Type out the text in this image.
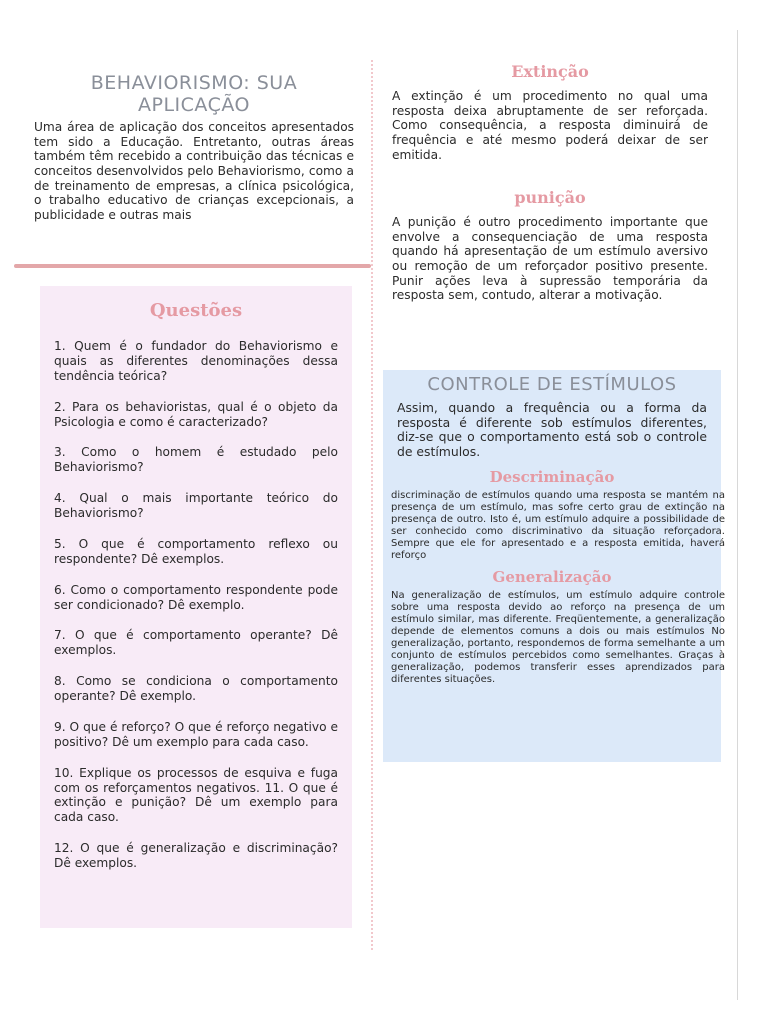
BEHAVIORISMO: SUA APLICAÇÃO

Uma área de aplicação dos conceitos apresentados tem sido a Educação. Entretanto, outras áreas também têm recebido a contribuição das técnicas e conceitos desenvolvidos pelo Behaviorismo, como a de treinamento de empresas, a clínica psicológica, o trabalho educativo de crianças excepcionais, a publicidade e outras mais

Questões
1. Quem é o fundador do Behaviorismo e quais as diferentes denominações dessa tendência teórica?
2. Para os behavioristas, qual é o objeto da Psicologia e como é caracterizado?
3. Como o homem é estudado pelo Behaviorismo?
4. Qual o mais importante teórico do Behaviorismo?
5. O que é comportamento reflexo ou respondente? Dê exemplos.
6. Como o comportamento respondente pode ser condicionado? Dê exemplo.
7. O que é comportamento operante? Dê exemplos.
8. Como se condiciona o comportamento operante? Dê exemplo.
9. O que é reforço? O que é reforço negativo e positivo? Dê um exemplo para cada caso.
10. Explique os processos de esquiva e fuga com os reforçamentos negativos. 11. O que é extinção e punição? Dê um exemplo para cada caso.
12. O que é generalização e discriminação? Dê exemplos.
Extinção

A extinção é um procedimento no qual uma resposta deixa abruptamente de ser reforçada. Como consequência, a resposta diminuirá de frequência e até mesmo poderá deixar de ser emitida.

punição

A punição é outro procedimento importante que envolve a consequenciação de uma resposta quando há apresentação de um estímulo aversivo ou remoção de um reforçador positivo presente. Punir ações leva à supressão temporária da resposta sem, contudo, alterar a motivação.

CONTROLE DE ESTÍMULOS

Assim, quando a frequência ou a forma da resposta é diferente sob estímulos diferentes, diz-se que o comportamento está sob o controle de estímulos.

Descriminação

discriminação de estímulos quando uma resposta se mantém na presença de um estímulo, mas sofre certo grau de extinção na presença de outro. Isto é, um estímulo adquire a possibilidade de ser conhecido como discriminativo da situação reforçadora. Sempre que ele for apresentado e a resposta emitida, haverá reforço

Generalização

Na generalização de estímulos, um estímulo adquire controle sobre uma resposta devido ao reforço na presença de um estímulo similar, mas diferente. Freqüentemente, a generalização depende de elementos comuns a dois ou mais estímulos No generalização, portanto, respondemos de forma semelhante a um conjunto de estímulos percebidos como semelhantes. Graças à generalização, podemos transferir esses aprendizados para diferentes situações.
